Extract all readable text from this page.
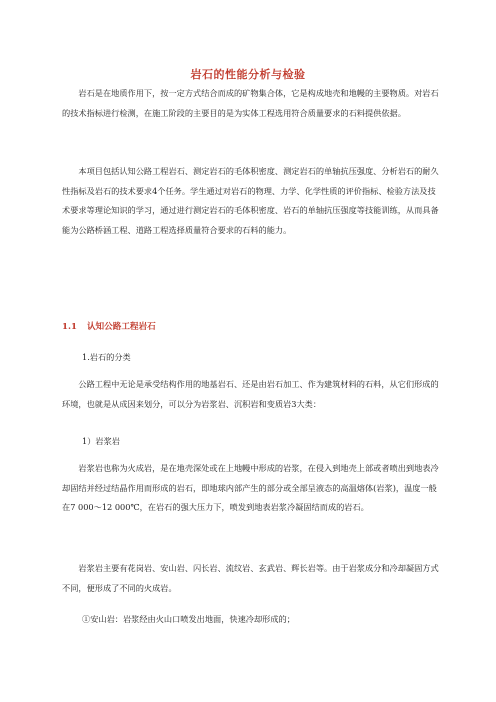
岩石的性能分析与检验

岩石是在地质作用下，按一定方式结合而成的矿物集合体，它是构成地壳和地幔的主要物质。对岩石的技术指标进行检测，在施工阶段的主要目的是为实体工程选用符合质量要求的石料提供依据。

本项目包括认知公路工程岩石、测定岩石的毛体积密度、测定岩石的单轴抗压强度、分析岩石的耐久性指标及岩石的技术要求4个任务。学生通过对岩石的物理、力学、化学性质的评价指标、检验方法及技术要求等理论知识的学习，通过进行测定岩石的毛体积密度、岩石的单轴抗压强度等技能训练，从而具备能为公路桥涵工程、道路工程选择质量符合要求的石料的能力。

1.1 认知公路工程岩石
1.岩石的分类

公路工程中无论是承受结构作用的地基岩石、还是由岩石加工、作为建筑材料的石料，从它们形成的环境，也就是从成因来划分，可以分为岩浆岩、沉积岩和变质岩3大类：

1）岩浆岩

岩浆岩也称为火成岩，是在地壳深处或在上地幔中形成的岩浆，在侵入到地壳上部或者喷出到地表冷却固结并经过结晶作用而形成的岩石，即地球内部产生的部分或全部呈液态的高温熔体(岩浆)，温度一般在7 000～12 000℃，在岩石的强大压力下，喷发到地表岩浆冷凝固结而成的岩石。

岩浆岩主要有花岗岩、安山岩、闪长岩、流纹岩、玄武岩、辉长岩等。由于岩浆成分和冷却凝固方式不同，便形成了不同的火成岩。

①安山岩：岩浆经由火山口喷发出地面，快速冷却形成的；
